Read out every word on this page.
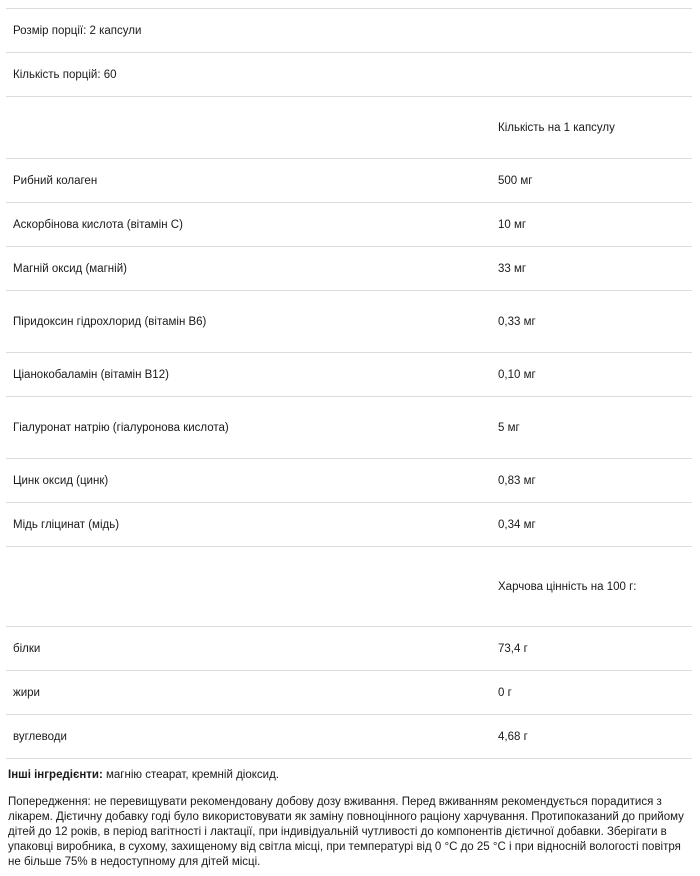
Розмір порції: 2 капсули
Кількість порцій: 60
Кількість на 1 капсулу
Рибний колаген	500 мг
Аскорбінова кислота (вітамін С)	10 мг
Магній оксид (магній)	33 мг
Піридоксин гідрохлорид (вітамін В6)	0,33 мг
Ціанокобаламін (вітамін В12)	0,10 мг
Гіалуронат натрію (гіалуронова кислота)	5 мг
Цинк оксид (цинк)	0,83 мг
Мідь гліцинат (мідь)	0,34 мг
Харчова цінність на 100 г:
білки	73,4 г
жири	0 г
вуглеводи	4,68 г

Інші інгредієнти: магнію стеарат, кремній діоксид.

Попередження: не перевищувати рекомендовану добову дозу вживання. Перед вживанням рекомендується порадитися з лікарем. Дієтичну добавку годі було використовувати як заміну повноцінного раціону харчування. Протипоказаний до прийому дітей до 12 років, в період вагітності і лактації, при індивідуальній чутливості до компонентів дієтичної добавки. Зберігати в упаковці виробника, в сухому, захищеному від світла місці, при температурі від 0 °С до 25 °С і при відносній вологості повітря не більше 75% в недоступному для дітей місці.
